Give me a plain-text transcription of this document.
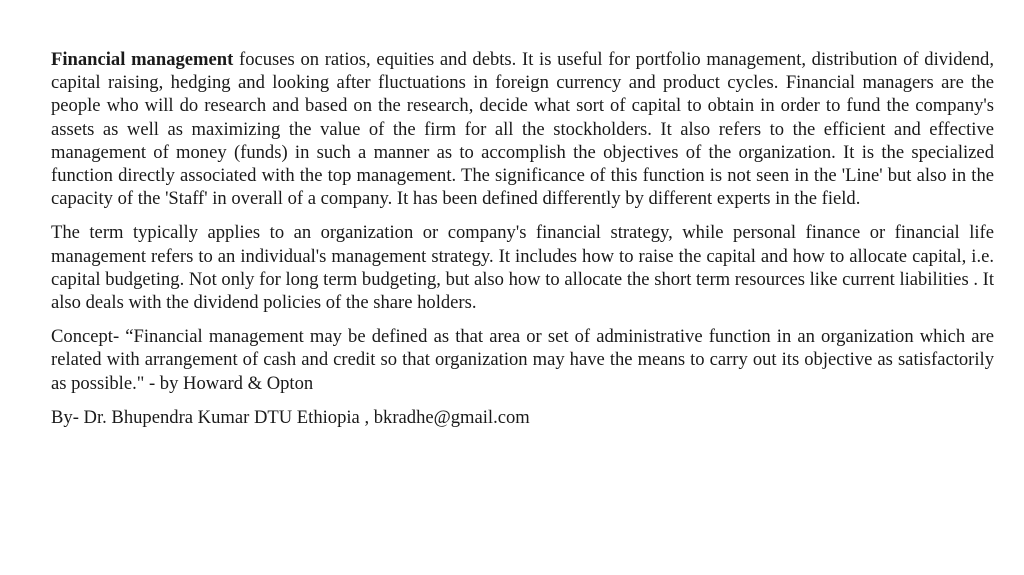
Financial management focuses on ratios, equities and debts. It is useful for portfolio management, distribution of dividend, capital raising, hedging and looking after fluctuations in foreign currency and product cycles. Financial managers are the people who will do research and based on the research, decide what sort of capital to obtain in order to fund the company's assets as well as maximizing the value of the firm for all the stockholders. It also refers to the efficient and effective management of money (funds) in such a manner as to accomplish the objectives of the organization. It is the specialized function directly associated with the top management. The significance of this function is not seen in the 'Line' but also in the capacity of the 'Staff' in overall of a company. It has been defined differently by different experts in the field.

The term typically applies to an organization or company's financial strategy, while personal finance or financial life management refers to an individual's management strategy. It includes how to raise the capital and how to allocate capital, i.e. capital budgeting. Not only for long term budgeting, but also how to allocate the short term resources like current liabilities . It also deals with the dividend policies of the share holders.

Concept- “Financial management may be defined as that area or set of administrative function in an organization which are related with arrangement of cash and credit so that organization may have the means to carry out its objective as satisfactorily as possible." - by Howard & Opton

By- Dr. Bhupendra Kumar DTU Ethiopia , bkradhe@gmail.com
